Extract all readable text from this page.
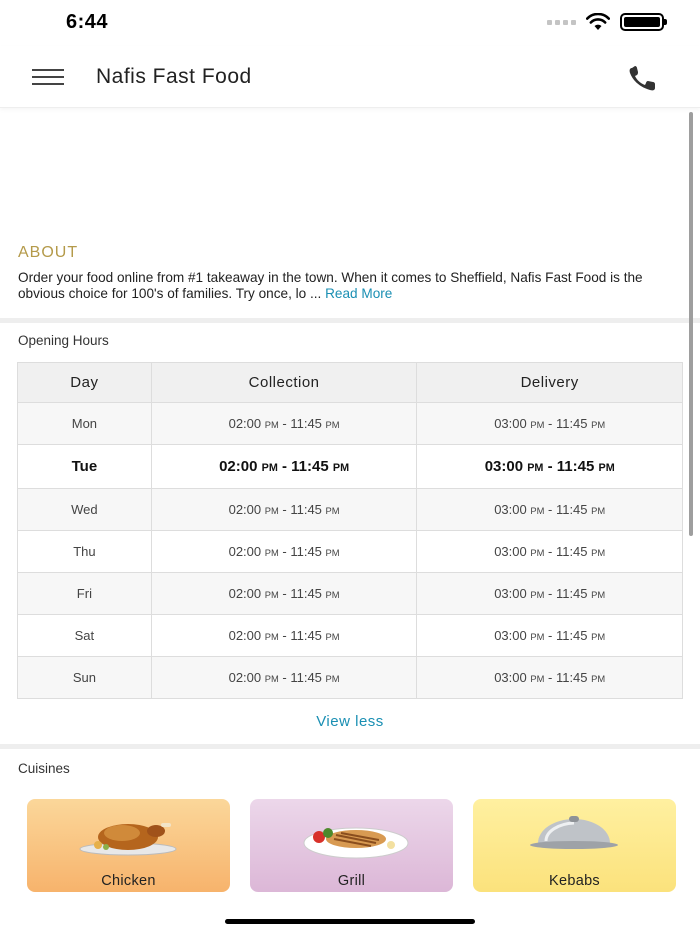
6:44
Nafis Fast Food
ABOUT
Order your food online from #1 takeaway in the town. When it comes to Sheffield, Nafis Fast Food is the obvious choice for 100's of families. Try once, lo ... Read More
Opening Hours
Day	Collection	Delivery
Mon	02:00 PM - 11:45 PM	03:00 PM - 11:45 PM
Tue	02:00 PM - 11:45 PM	03:00 PM - 11:45 PM
Wed	02:00 PM - 11:45 PM	03:00 PM - 11:45 PM
Thu	02:00 PM - 11:45 PM	03:00 PM - 11:45 PM
Fri	02:00 PM - 11:45 PM	03:00 PM - 11:45 PM
Sat	02:00 PM - 11:45 PM	03:00 PM - 11:45 PM
Sun	02:00 PM - 11:45 PM	03:00 PM - 11:45 PM
View less
Cuisines
Chicken	Grill	Kebabs
